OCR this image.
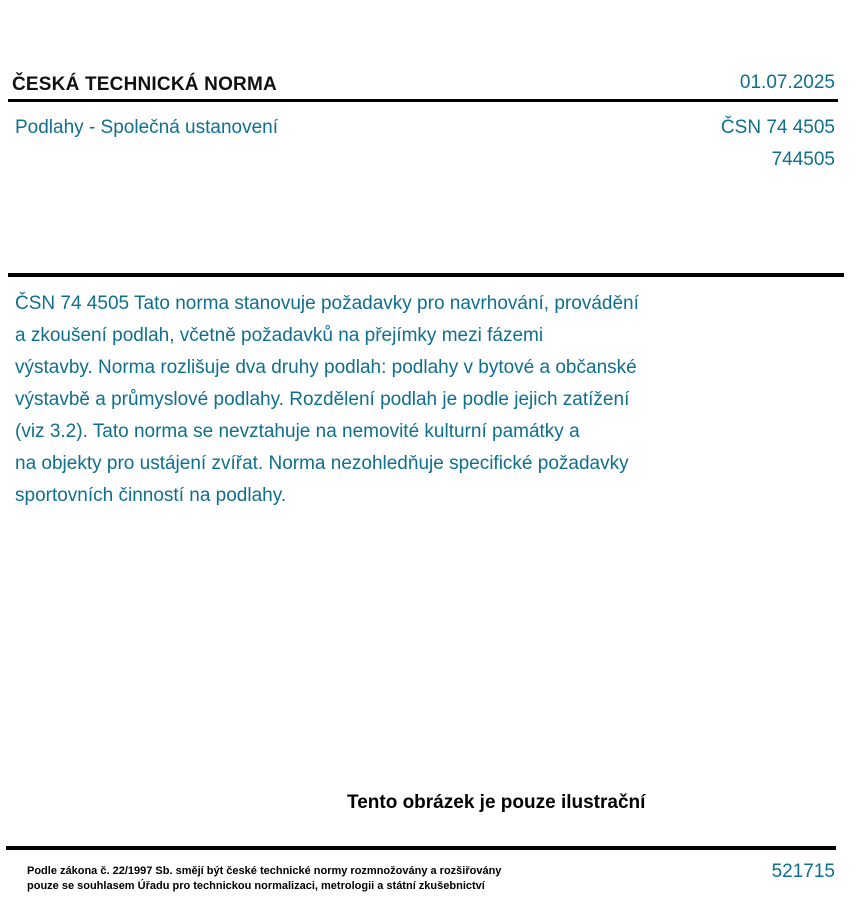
ČESKÁ TECHNICKÁ NORMA	01.07.2025
Podlahy - Společná ustanovení	ČSN 74 4505
744505

ČSN 74 4505 Tato norma stanovuje požadavky pro navrhování, provádění
a zkoušení podlah, včetně požadavků na přejímky mezi fázemi
výstavby. Norma rozlišuje dva druhy podlah: podlahy v bytové a občanské
výstavbě a průmyslové podlahy. Rozdělení podlah je podle jejich zatížení
(viz 3.2). Tato norma se nevztahuje na nemovité kulturní památky a
na objekty pro ustájení zvířat. Norma nezohledňuje specifické požadavky
sportovních činností na podlahy.

Tento obrázek je pouze ilustrační

Podle zákona č. 22/1997 Sb. smějí být české technické normy rozmnožovány a rozšiřovány
pouze se souhlasem Úřadu pro technickou normalizaci, metrologii a státní zkušebnictví

521715
